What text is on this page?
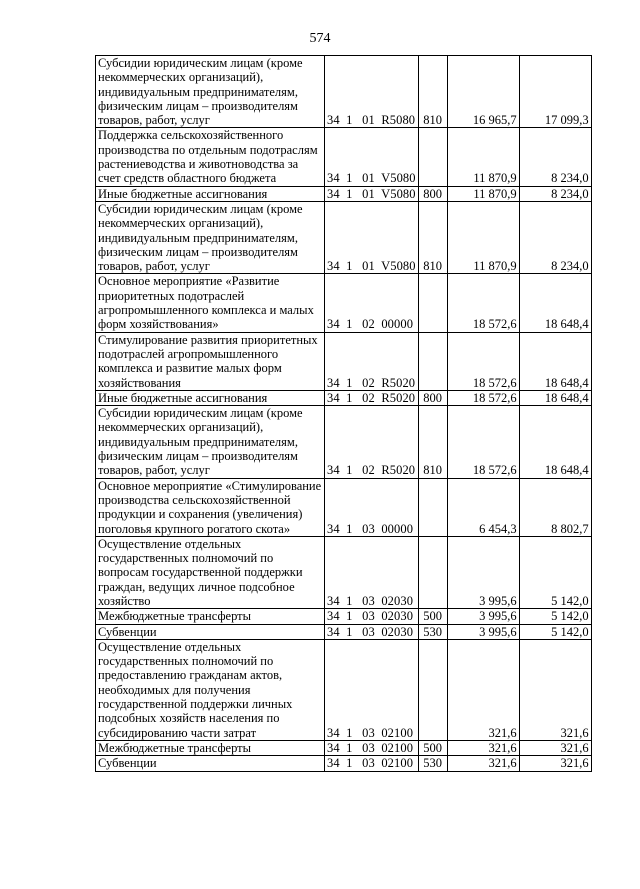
574
Субсидии юридическим лицам (кроме некоммерческих организаций), индивидуальным предпринимателям, физическим лицам – производителям товаров, работ, услуг	34  1   01  R5080	810	16 965,7	17 099,3
Поддержка сельскохозяйственного производства по отдельным подотраслям растениеводства и животноводства за счет средств областного бюджета	34  1   01  V5080		11 870,9	8 234,0
Иные бюджетные ассигнования	34  1   01  V5080	800	11 870,9	8 234,0
Субсидии юридическим лицам (кроме некоммерческих организаций), индивидуальным предпринимателям, физическим лицам – производителям товаров, работ, услуг	34  1   01  V5080	810	11 870,9	8 234,0
Основное мероприятие «Развитие приоритетных подотраслей агропромышленного комплекса и малых форм хозяйствования»	34  1   02  00000		18 572,6	18 648,4
Стимулирование развития приоритетных подотраслей агропромышленного комплекса и развитие малых форм хозяйствования	34  1   02  R5020		18 572,6	18 648,4
Иные бюджетные ассигнования	34  1   02  R5020	800	18 572,6	18 648,4
Субсидии юридическим лицам (кроме некоммерческих организаций), индивидуальным предпринимателям, физическим лицам – производителям товаров, работ, услуг	34  1   02  R5020	810	18 572,6	18 648,4
Основное мероприятие «Стимулирование производства сельскохозяйственной продукции и сохранения (увеличения) поголовья крупного рогатого скота»	34  1   03  00000		6 454,3	8 802,7
Осуществление отдельных государственных полномочий по вопросам государственной поддержки граждан, ведущих личное подсобное хозяйство	34  1   03  02030		3 995,6	5 142,0
Межбюджетные трансферты	34  1   03  02030	500	3 995,6	5 142,0
Субвенции	34  1   03  02030	530	3 995,6	5 142,0
Осуществление отдельных государственных полномочий по предоставлению гражданам актов, необходимых для получения государственной поддержки личных подсобных хозяйств населения по субсидированию части затрат	34  1   03  02100		321,6	321,6
Межбюджетные трансферты	34  1   03  02100	500	321,6	321,6
Субвенции	34  1   03  02100	530	321,6	321,6
